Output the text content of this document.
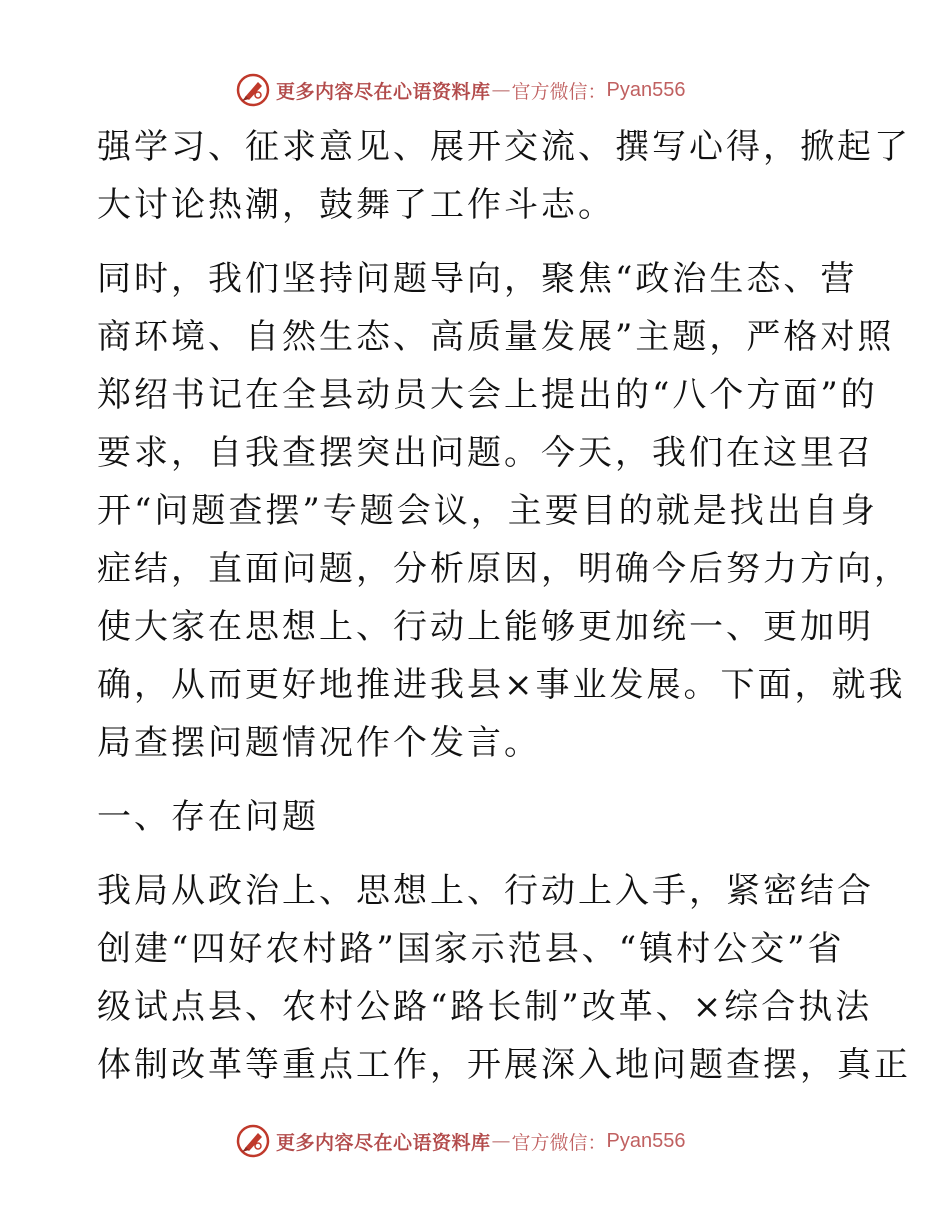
更多内容尽在心语资料库 — 官方微信： Pyan556
强学习、征求意见、展开交流、撰写心得，掀起了
大讨论热潮，鼓舞了工作斗志。
同时，我们坚持问题导向，聚焦“政治生态、营
商环境、自然生态、高质量发展”主题，严格对照
郑绍书记在全县动员大会上提出的“八个方面”的
要求，自我查摆突出问题。今天，我们在这里召
开“问题查摆”专题会议，主要目的就是找出自身
症结，直面问题，分析原因，明确今后努力方向，
使大家在思想上、行动上能够更加统一、更加明
确，从而更好地推进我县×事业发展。下面，就我
局查摆问题情况作个发言。
一、存在问题
我局从政治上、思想上、行动上入手，紧密结合
创建“四好农村路”国家示范县、“镇村公交”省
级试点县、农村公路“路长制”改革、×综合执法
体制改革等重点工作，开展深入地问题查摆，真正
更多内容尽在心语资料库 — 官方微信： Pyan556
